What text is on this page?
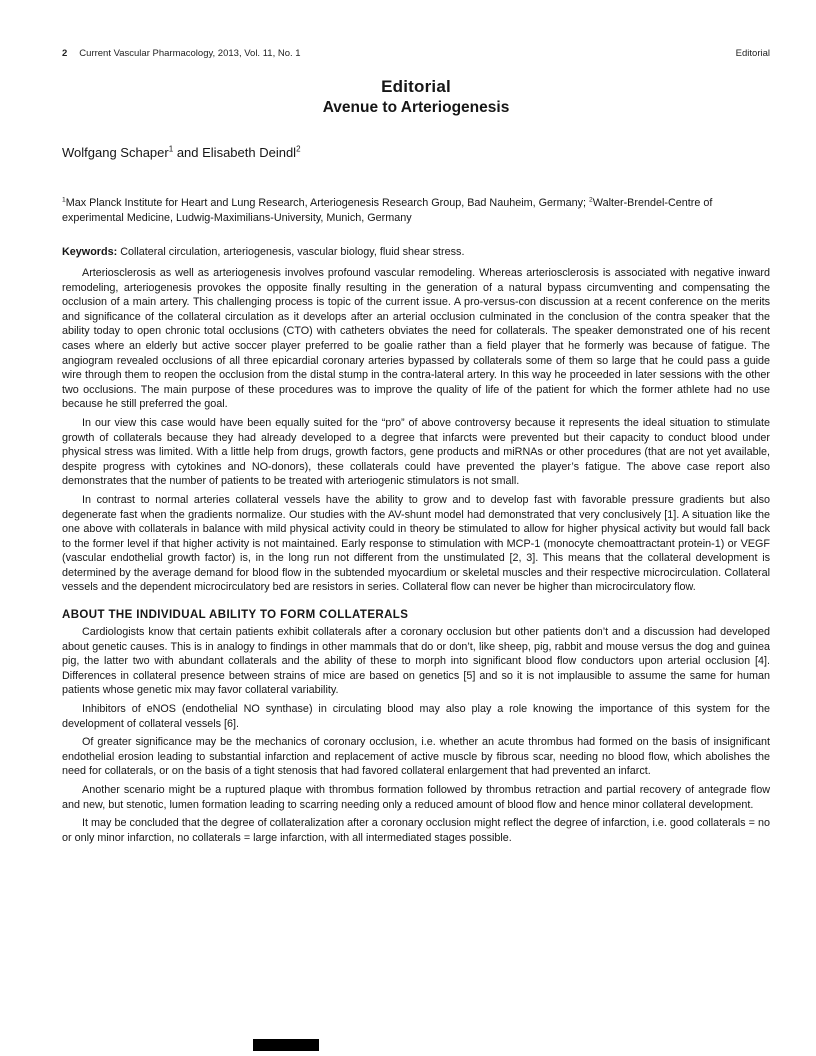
2 Current Vascular Pharmacology, 2013, Vol. 11, No. 1	Editorial
Editorial
Avenue to Arteriogenesis
Wolfgang Schaper$^1$ and Elisabeth Deindl$^2$
$^1$Max Planck Institute for Heart and Lung Research, Arteriogenesis Research Group, Bad Nauheim, Germany; $^2$Walter-Brendel-Centre of experimental Medicine, Ludwig-Maximilians-University, Munich, Germany
Keywords: Collateral circulation, arteriogenesis, vascular biology, fluid shear stress.

Arteriosclerosis as well as arteriogenesis involves profound vascular remodeling. Whereas arteriosclerosis is associated with negative inward remodeling, arteriogenesis provokes the opposite finally resulting in the generation of a natural bypass circumventing and compensating the occlusion of a main artery. This challenging process is topic of the current issue. A pro-versus-con discussion at a recent conference on the merits and significance of the collateral circulation as it develops after an arterial occlusion culminated in the conclusion of the contra speaker that the ability today to open chronic total occlusions (CTO) with catheters obviates the need for collaterals. The speaker demonstrated one of his recent cases where an elderly but active soccer player preferred to be goalie rather than a field player that he formerly was because of fatigue. The angiogram revealed occlusions of all three epicardial coronary arteries bypassed by collaterals some of them so large that he could pass a guide wire through them to reopen the occlusion from the distal stump in the contra-lateral artery. In this way he proceeded in later sessions with the other two occlusions. The main purpose of these procedures was to improve the quality of life of the patient for which the former athlete had no use because he still preferred the goal.

In our view this case would have been equally suited for the “pro” of above controversy because it represents the ideal situation to stimulate growth of collaterals because they had already developed to a degree that infarcts were prevented but their capacity to conduct blood under physical stress was limited. With a little help from drugs, growth factors, gene products and miRNAs or other procedures (that are not yet available, despite progress with cytokines and NO-donors), these collaterals could have prevented the player’s fatigue. The above case report also demonstrates that the number of patients to be treated with arteriogenic stimulators is not small.

In contrast to normal arteries collateral vessels have the ability to grow and to develop fast with favorable pressure gradients but also degenerate fast when the gradients normalize. Our studies with the AV-shunt model had demonstrated that very conclusively [1]. A situation like the one above with collaterals in balance with mild physical activity could in theory be stimulated to allow for higher physical activity but would fall back to the former level if that higher activity is not maintained. Early response to stimulation with MCP-1 (monocyte chemoattractant protein-1) or VEGF (vascular endothelial growth factor) is, in the long run not different from the unstimulated [2, 3]. This means that the collateral development is determined by the average demand for blood flow in the subtended myocardium or skeletal muscles and their respective microcirculation. Collateral vessels and the dependent microcirculatory bed are resistors in series. Collateral flow can never be higher than microcirculatory flow.

ABOUT THE INDIVIDUAL ABILITY TO FORM COLLATERALS

Cardiologists know that certain patients exhibit collaterals after a coronary occlusion but other patients don’t and a discussion had developed about genetic causes. This is in analogy to findings in other mammals that do or don’t, like sheep, pig, rabbit and mouse versus the dog and guinea pig, the latter two with abundant collaterals and the ability of these to morph into significant blood flow conductors upon arterial occlusion [4]. Differences in collateral presence between strains of mice are based on genetics [5] and so it is not implausible to assume the same for human patients whose genetic mix may favor collateral variability.

Inhibitors of eNOS (endothelial NO synthase) in circulating blood may also play a role knowing the importance of this system for the development of collateral vessels [6].

Of greater significance may be the mechanics of coronary occlusion, i.e. whether an acute thrombus had formed on the basis of insignificant endothelial erosion leading to substantial infarction and replacement of active muscle by fibrous scar, needing no blood flow, which abolishes the need for collaterals, or on the basis of a tight stenosis that had favored collateral enlargement that had prevented an infarct.

Another scenario might be a ruptured plaque with thrombus formation followed by thrombus retraction and partial recovery of antegrade flow and new, but stenotic, lumen formation leading to scarring needing only a reduced amount of blood flow and hence minor collateral development.

It may be concluded that the degree of collateralization after a coronary occlusion might reflect the degree of infarction, i.e. good collaterals = no or only minor infarction, no collaterals = large infarction, with all intermediated stages possible.
